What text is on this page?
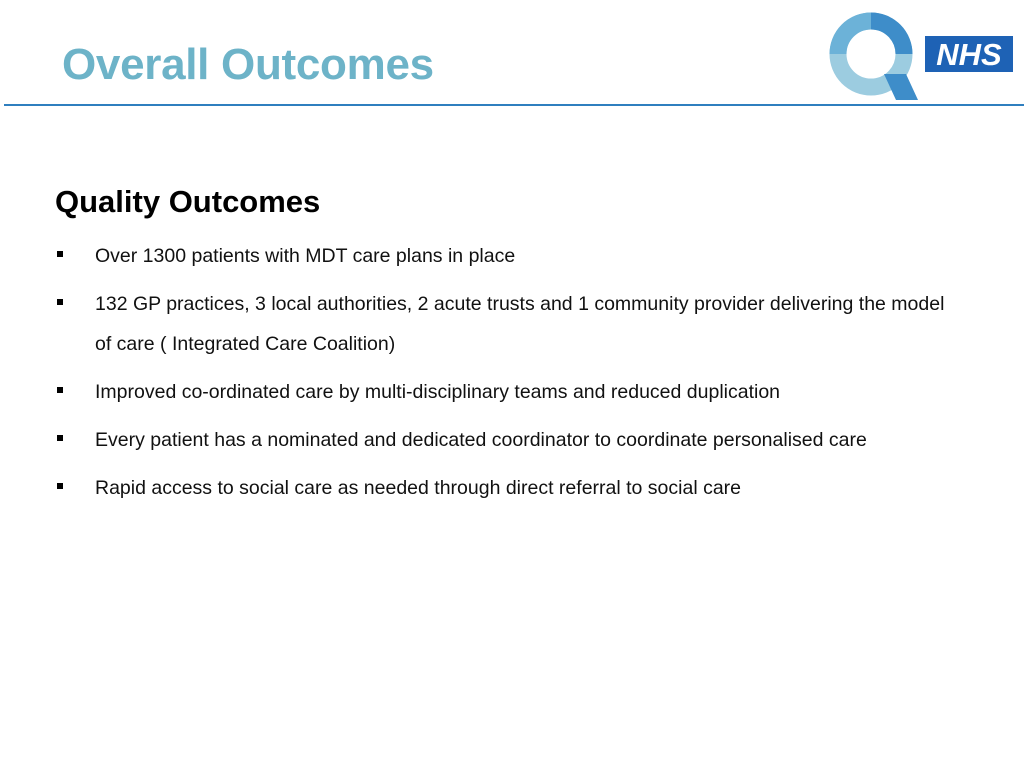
Overall Outcomes	NHS
Quality Outcomes
Over 1300 patients with MDT care plans in place
132 GP practices, 3 local authorities, 2 acute trusts and 1 community provider delivering the model of care ( Integrated Care Coalition)
Improved co-ordinated care by multi-disciplinary teams and reduced duplication
Every patient has a nominated and dedicated coordinator to coordinate personalised care
Rapid access to social care as needed through direct referral to social care
